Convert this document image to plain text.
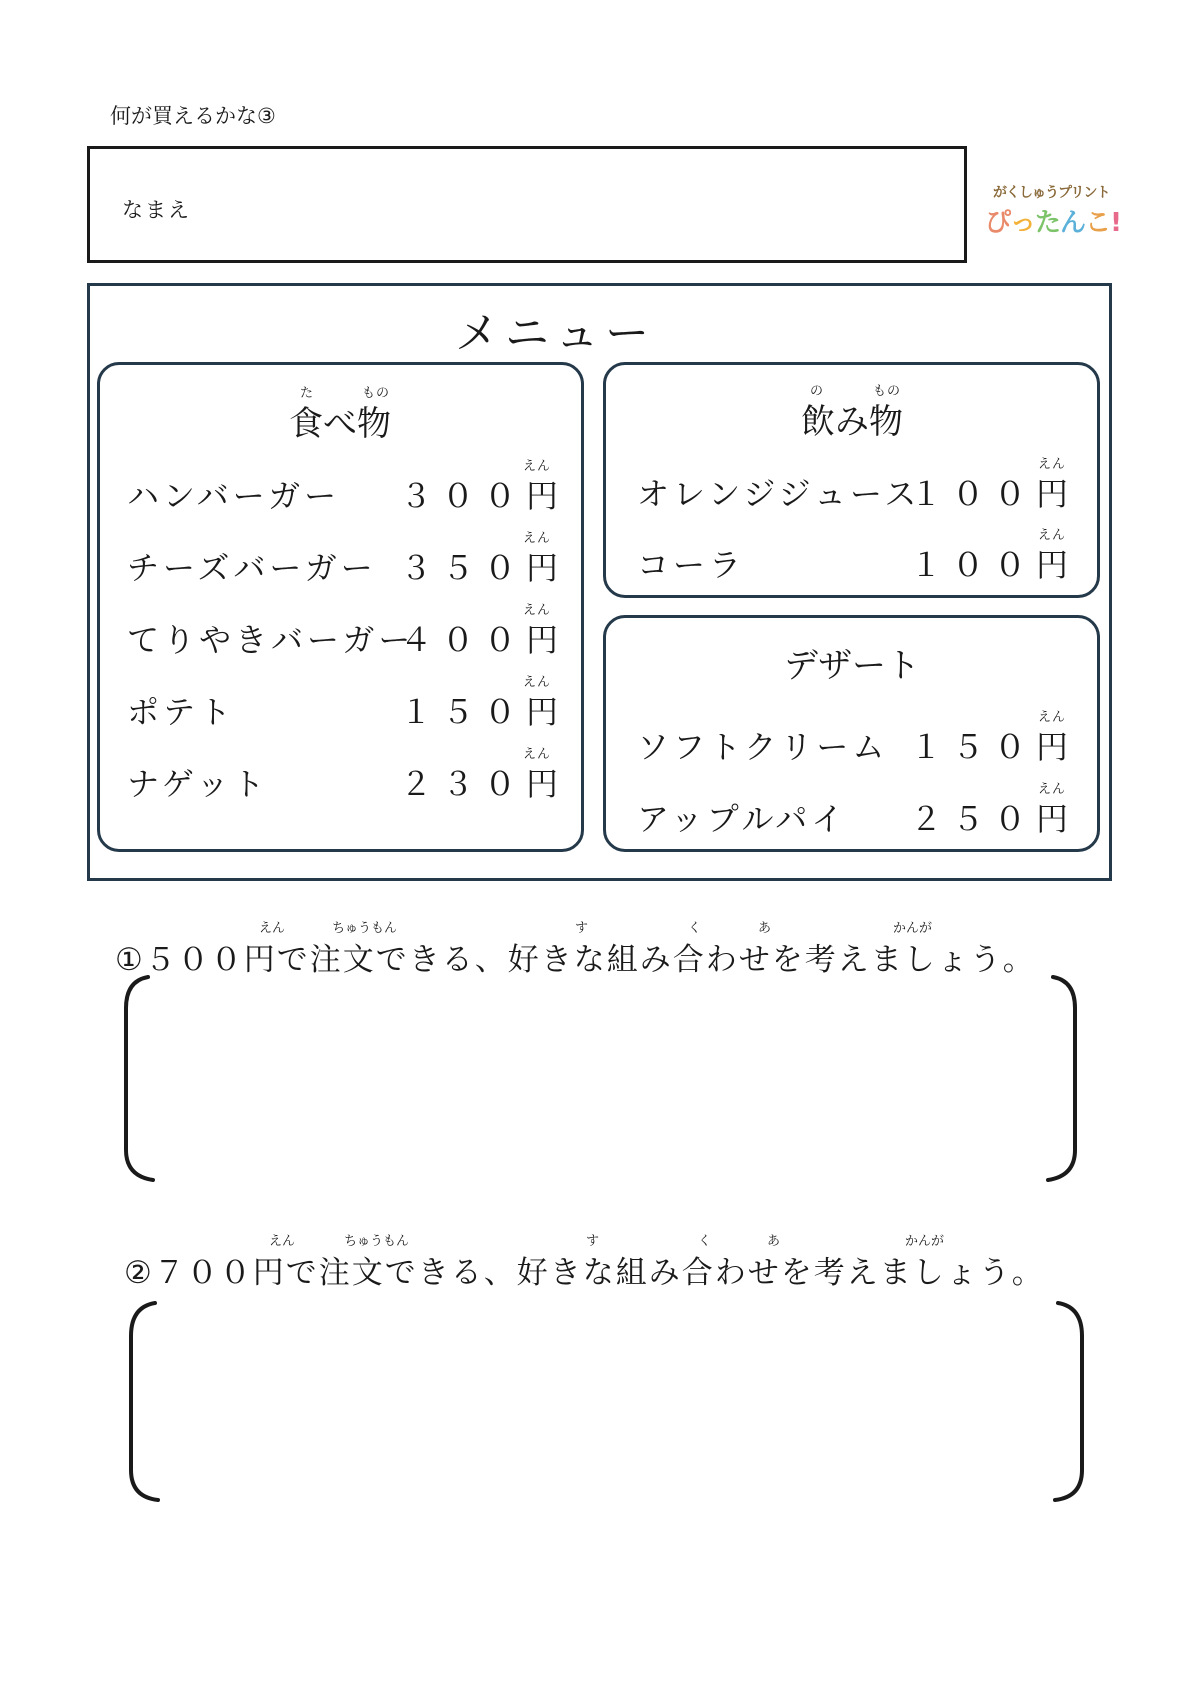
何が買えるかな③
なまえ
がくしゅうプリント
ぴったんこ!
メニュー
た	もの
食べ物
えん
ハンバーガー ３００円
えん
チーズバーガー ３５０円
えん
てりやきバーガー
４００円
えん
ポテト	１５０円
えん
ナゲット	２３０円
の	もの
飲み物
えん
オレンジジュース
１００円
えん
コーラ	１００円
デザート
えん
ソフトクリーム １５０円
えん
アップルパイ ２５０円
えん	ちゅうもん	す	く	あ	かんが
①５００円で注文できる、好きな組み合わせを考えましょう。
えん	ちゅうもん	す	く	あ	かんが
②７００円で注文できる、好きな組み合わせを考えましょう。
